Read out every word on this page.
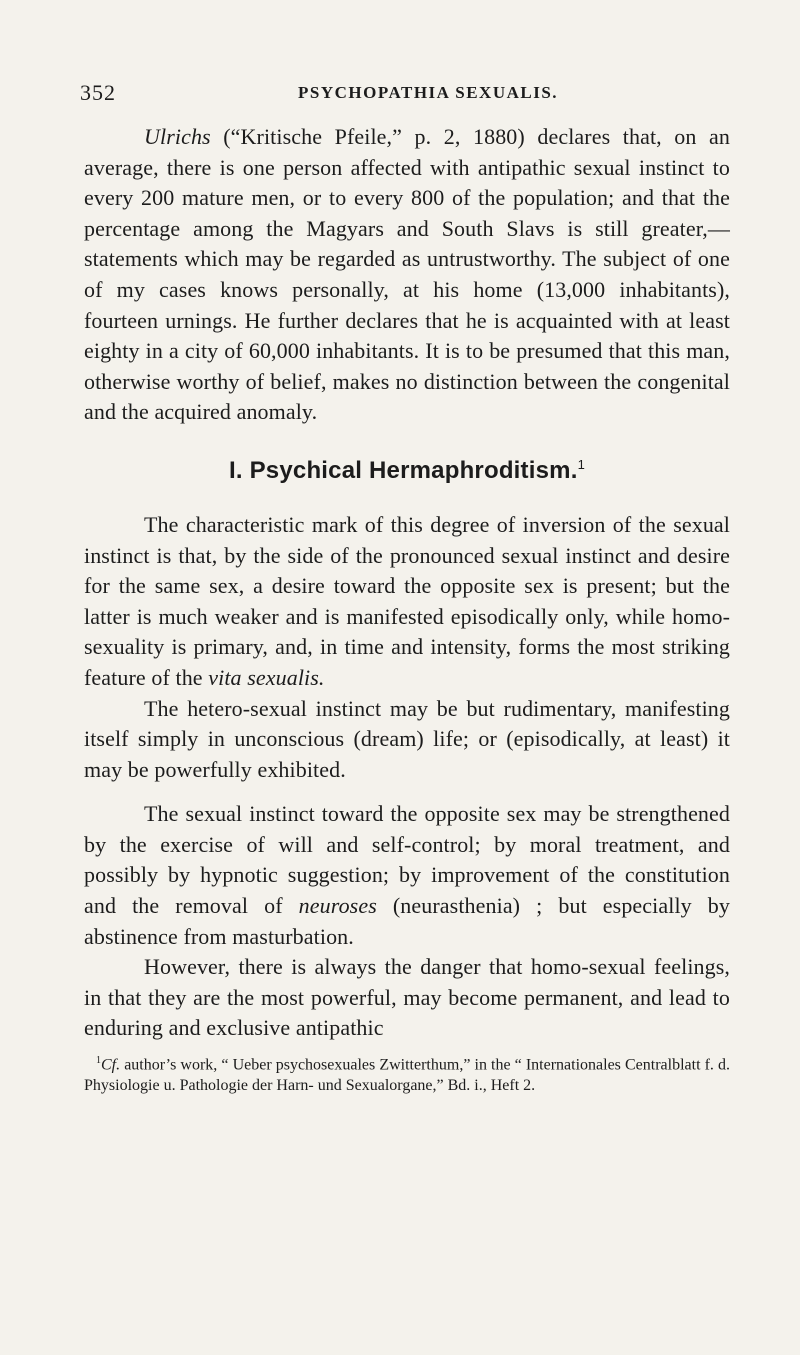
352	PSYCHOPATHIA SEXUALIS.

Ulrichs (“Kritische Pfeile,” p. 2, 1880) declares that, on an average, there is one person affected with antipathic sexual instinct to every 200 mature men, or to every 800 of the population; and that the percentage among the Magyars and South Slavs is still greater,—statements which may be regarded as untrustworthy. The subject of one of my cases knows personally, at his home (13,000 inhabitants), fourteen urnings. He further declares that he is acquainted with at least eighty in a city of 60,000 inhabitants. It is to be presumed that this man, otherwise worthy of belief, makes no distinction between the congenital and the acquired anomaly.

I. Psychical Hermaphroditism.$^1$

The characteristic mark of this degree of inversion of the sexual instinct is that, by the side of the pronounced sexual instinct and desire for the same sex, a desire toward the opposite sex is present; but the latter is much weaker and is manifested episodically only, while homo-sexuality is primary, and, in time and intensity, forms the most striking feature of the vita sexualis.

The hetero-sexual instinct may be but rudimentary, manifesting itself simply in unconscious (dream) life; or (episodically, at least) it may be powerfully exhibited.

The sexual instinct toward the opposite sex may be strengthened by the exercise of will and self-control; by moral treatment, and possibly by hypnotic suggestion; by improvement of the constitution and the removal of neuroses (neurasthenia) ; but especially by abstinence from masturbation.

However, there is always the danger that homo-sexual feelings, in that they are the most powerful, may become permanent, and lead to enduring and exclusive antipathic

$^1$Cf. author’s work, “ Ueber psychosexuales Zwitterthum,” in the “ Internationales Centralblatt f. d. Physiologie u. Pathologie der Harn- und Sexualorgane,” Bd. i., Heft 2.
